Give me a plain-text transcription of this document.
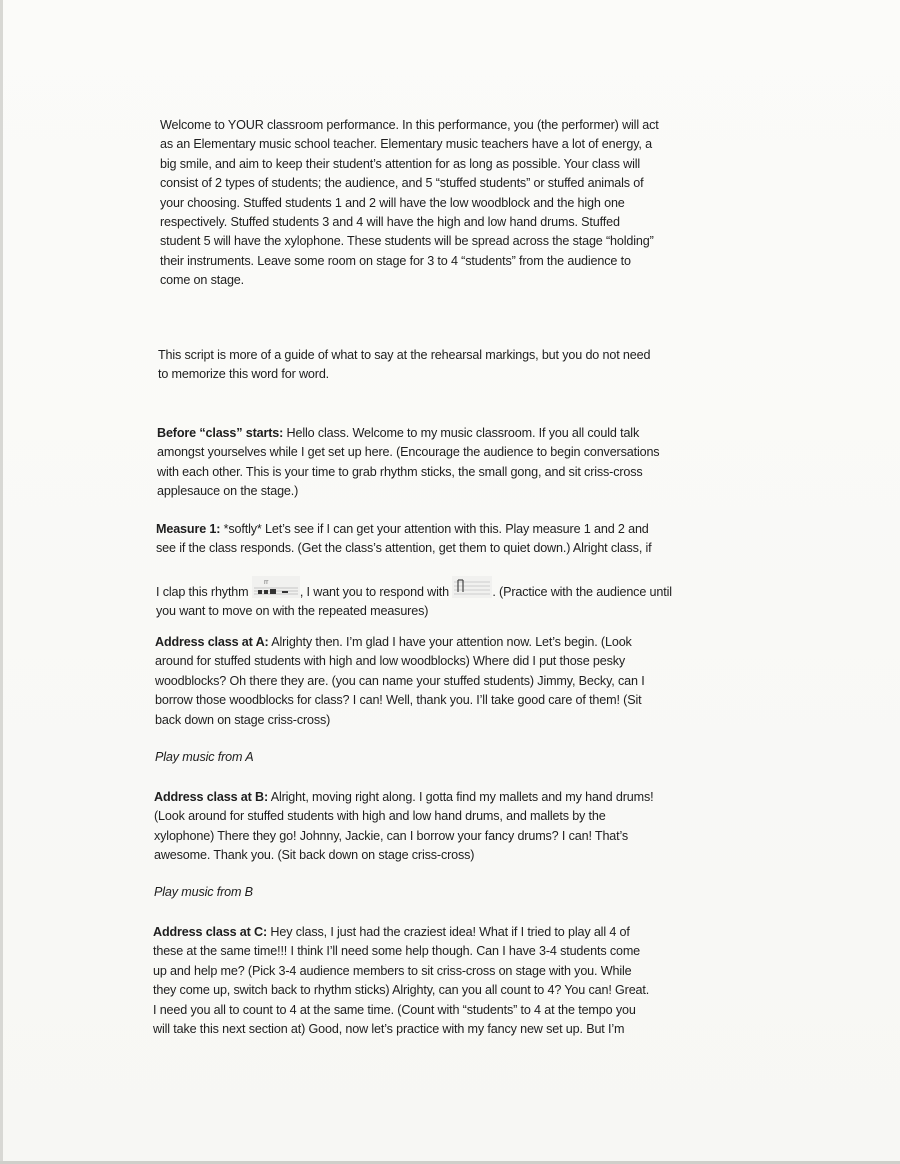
Welcome to YOUR classroom performance. In this performance, you (the performer) will act
as an Elementary music school teacher. Elementary music teachers have a lot of energy, a
big smile, and aim to keep their student’s attention for as long as possible. Your class will
consist of 2 types of students; the audience, and 5 “stuffed students” or stuffed animals of
your choosing. Stuffed students 1 and 2 will have the low woodblock and the high one
respectively. Stuffed students 3 and 4 will have the high and low hand drums. Stuffed
student 5 will have the xylophone. These students will be spread across the stage “holding”
their instruments. Leave some room on stage for 3 to 4 “students” from the audience to
come on stage.
This script is more of a guide of what to say at the rehearsal markings, but you do not need
to memorize this word for word.
Before “class” starts: Hello class. Welcome to my music classroom. If you all could talk
amongst yourselves while I get set up here. (Encourage the audience to begin conversations
with each other. This is your time to grab rhythm sticks, the small gong, and sit criss-cross
applesauce on the stage.)
Measure 1: *softly* Let’s see if I can get your attention with this. Play measure 1 and 2 and
see if the class responds. (Get the class’s attention, get them to quiet down.) Alright class, if
I clap this rhythm
rr
, I want you to respond with	. (Practice with the audience until
you want to move on with the repeated measures)
Address class at A: Alrighty then. I’m glad I have your attention now. Let’s begin. (Look
around for stuffed students with high and low woodblocks) Where did I put those pesky
woodblocks? Oh there they are. (you can name your stuffed students) Jimmy, Becky, can I
borrow those woodblocks for class? I can! Well, thank you. I’ll take good care of them! (Sit
back down on stage criss-cross)
Play music from A
Address class at B: Alright, moving right along. I gotta find my mallets and my hand drums!
(Look around for stuffed students with high and low hand drums, and mallets by the
xylophone) There they go! Johnny, Jackie, can I borrow your fancy drums? I can! That’s
awesome. Thank you. (Sit back down on stage criss-cross)
Play music from B
Address class at C: Hey class, I just had the craziest idea! What if I tried to play all 4 of
these at the same time!!! I think I’ll need some help though. Can I have 3-4 students come
up and help me? (Pick 3-4 audience members to sit criss-cross on stage with you. While
they come up, switch back to rhythm sticks) Alrighty, can you all count to 4? You can! Great.
I need you all to count to 4 at the same time. (Count with “students” to 4 at the tempo you
will take this next section at) Good, now let’s practice with my fancy new set up. But I’m
